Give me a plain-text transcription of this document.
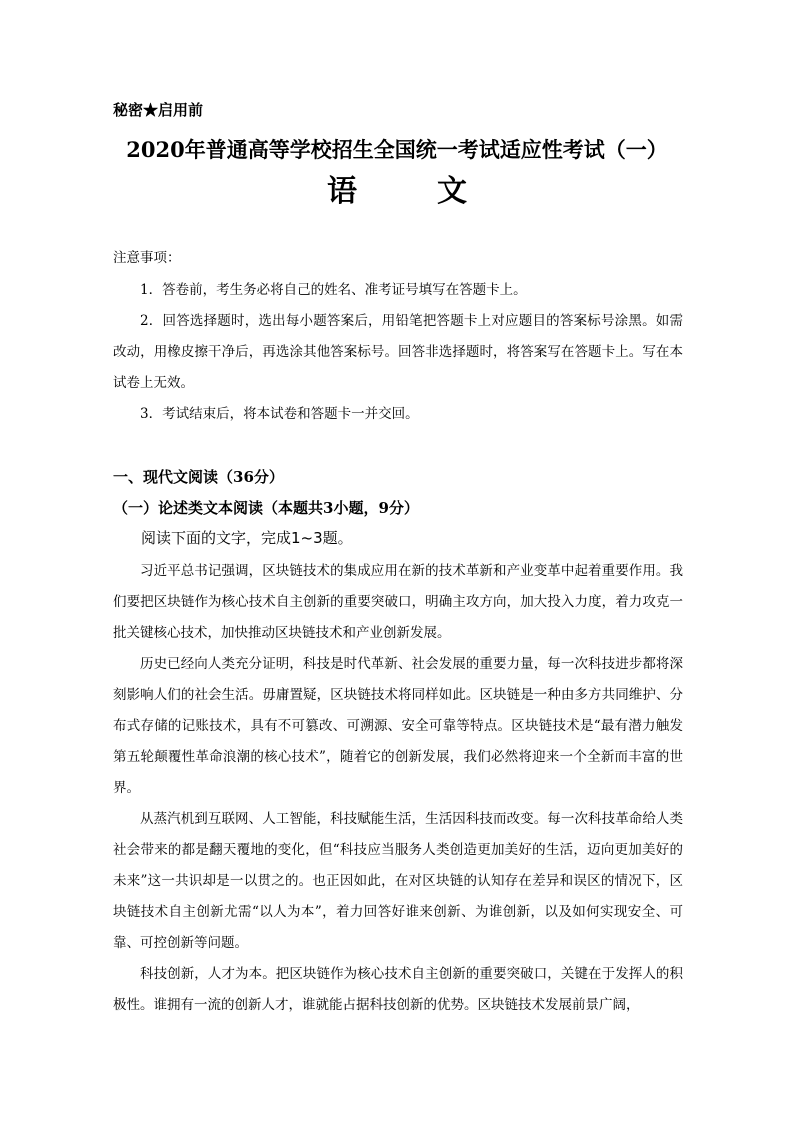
秘密★启用前
2020年普通高等学校招生全国统一考试适应性考试（一）
语文
注意事项：

1．答卷前，考生务必将自己的姓名、准考证号填写在答题卡上。

2．回答选择题时，选出每小题答案后，用铅笔把答题卡上对应题目的答案标号涂黑。如需改动，用橡皮擦干净后，再选涂其他答案标号。回答非选择题时，将答案写在答题卡上。写在本试卷上无效。

3．考试结束后，将本试卷和答题卡一并交回。

一、现代文阅读（36分）
（一）论述类文本阅读（本题共3小题，9分）
阅读下面的文字，完成1~3题。

习近平总书记强调，区块链技术的集成应用在新的技术革新和产业变革中起着重要作用。我们要把区块链作为核心技术自主创新的重要突破口，明确主攻方向，加大投入力度，着力攻克一批关键核心技术，加快推动区块链技术和产业创新发展。

历史已经向人类充分证明，科技是时代革新、社会发展的重要力量，每一次科技进步都将深刻影响人们的社会生活。毋庸置疑，区块链技术将同样如此。区块链是一种由多方共同维护、分布式存储的记账技术，具有不可篡改、可溯源、安全可靠等特点。区块链技术是“最有潜力触发第五轮颠覆性革命浪潮的核心技术”，随着它的创新发展，我们必然将迎来一个全新而丰富的世界。

从蒸汽机到互联网、人工智能，科技赋能生活，生活因科技而改变。每一次科技革命给人类社会带来的都是翻天覆地的变化，但“科技应当服务人类创造更加美好的生活，迈向更加美好的未来”这一共识却是一以贯之的。也正因如此，在对区块链的认知存在差异和误区的情况下，区块链技术自主创新尤需“以人为本”，着力回答好谁来创新、为谁创新，以及如何实现安全、可靠、可控创新等问题。

科技创新，人才为本。把区块链作为核心技术自主创新的重要突破口，关键在于发挥人的积极性。谁拥有一流的创新人才，谁就能占据科技创新的优势。区块链技术发展前景广阔，
